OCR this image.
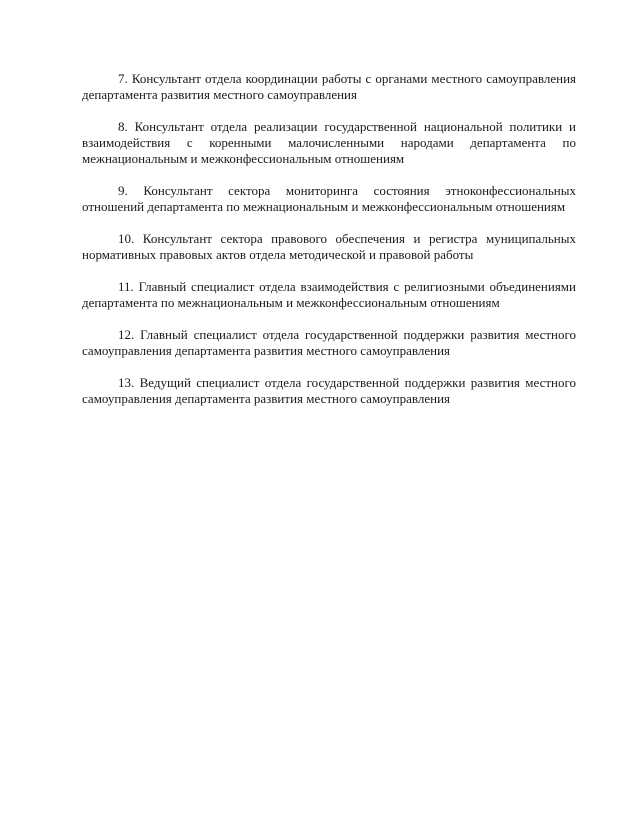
7. Консультант отдела координации работы с органами местного самоуправления департамента развития местного самоуправления

8. Консультант отдела реализации государственной национальной политики и взаимодействия с коренными малочисленными народами департамента по межнациональным и межконфессиональным отношениям

9. Консультант сектора мониторинга состояния этноконфессиональных отношений департамента по межнациональным и межконфессиональным отношениям

10. Консультант сектора правового обеспечения и регистра муниципальных нормативных правовых актов отдела методической и правовой работы

11. Главный специалист отдела взаимодействия с религиозными объединениями департамента по межнациональным и межконфессиональным отношениям

12. Главный специалист отдела государственной поддержки развития местного самоуправления департамента развития местного самоуправления

13. Ведущий специалист отдела государственной поддержки развития местного самоуправления департамента развития местного самоуправления
